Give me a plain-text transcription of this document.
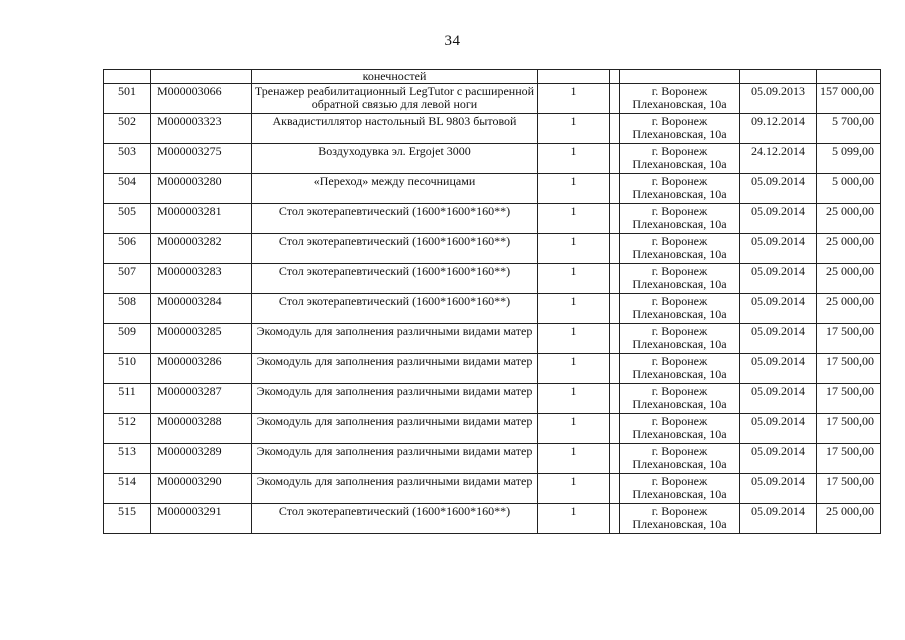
34
		конечностей					
501	М000003066	Тренажер реабилитационный LegTutor с расширенной обратной связью для левой ноги	1		г. Воронеж
Плехановская, 10а	05.09.2013	157 000,00
502	М000003323	Аквадистиллятор настольный BL 9803 бытовой	1		г. Воронеж
Плехановская, 10а	09.12.2014	5 700,00
503	М000003275	Воздуходувка эл. Ergojet 3000	1		г. Воронеж
Плехановская, 10а	24.12.2014	5 099,00
504	М000003280	«Переход» между песочницами	1		г. Воронеж
Плехановская, 10а	05.09.2014	5 000,00
505	М000003281	Стол экотерапевтический (1600*1600*160**)	1		г. Воронеж
Плехановская, 10а	05.09.2014	25 000,00
506	М000003282	Стол экотерапевтический (1600*1600*160**)	1		г. Воронеж
Плехановская, 10а	05.09.2014	25 000,00
507	М000003283	Стол экотерапевтический (1600*1600*160**)	1		г. Воронеж
Плехановская, 10а	05.09.2014	25 000,00
508	М000003284	Стол экотерапевтический (1600*1600*160**)	1		г. Воронеж
Плехановская, 10а	05.09.2014	25 000,00
509	М000003285	Экомодуль для заполнения различными видами матер	1		г. Воронеж
Плехановская, 10а	05.09.2014	17 500,00
510	М000003286	Экомодуль для заполнения различными видами матер	1		г. Воронеж
Плехановская, 10а	05.09.2014	17 500,00
511	М000003287	Экомодуль для заполнения различными видами матер	1		г. Воронеж
Плехановская, 10а	05.09.2014	17 500,00
512	М000003288	Экомодуль для заполнения различными видами матер	1		г. Воронеж
Плехановская, 10а	05.09.2014	17 500,00
513	М000003289	Экомодуль для заполнения различными видами матер	1		г. Воронеж
Плехановская, 10а	05.09.2014	17 500,00
514	М000003290	Экомодуль для заполнения различными видами матер	1		г. Воронеж
Плехановская, 10а	05.09.2014	17 500,00
515	М000003291	Стол экотерапевтический (1600*1600*160**)	1		г. Воронеж
Плехановская, 10а	05.09.2014	25 000,00
